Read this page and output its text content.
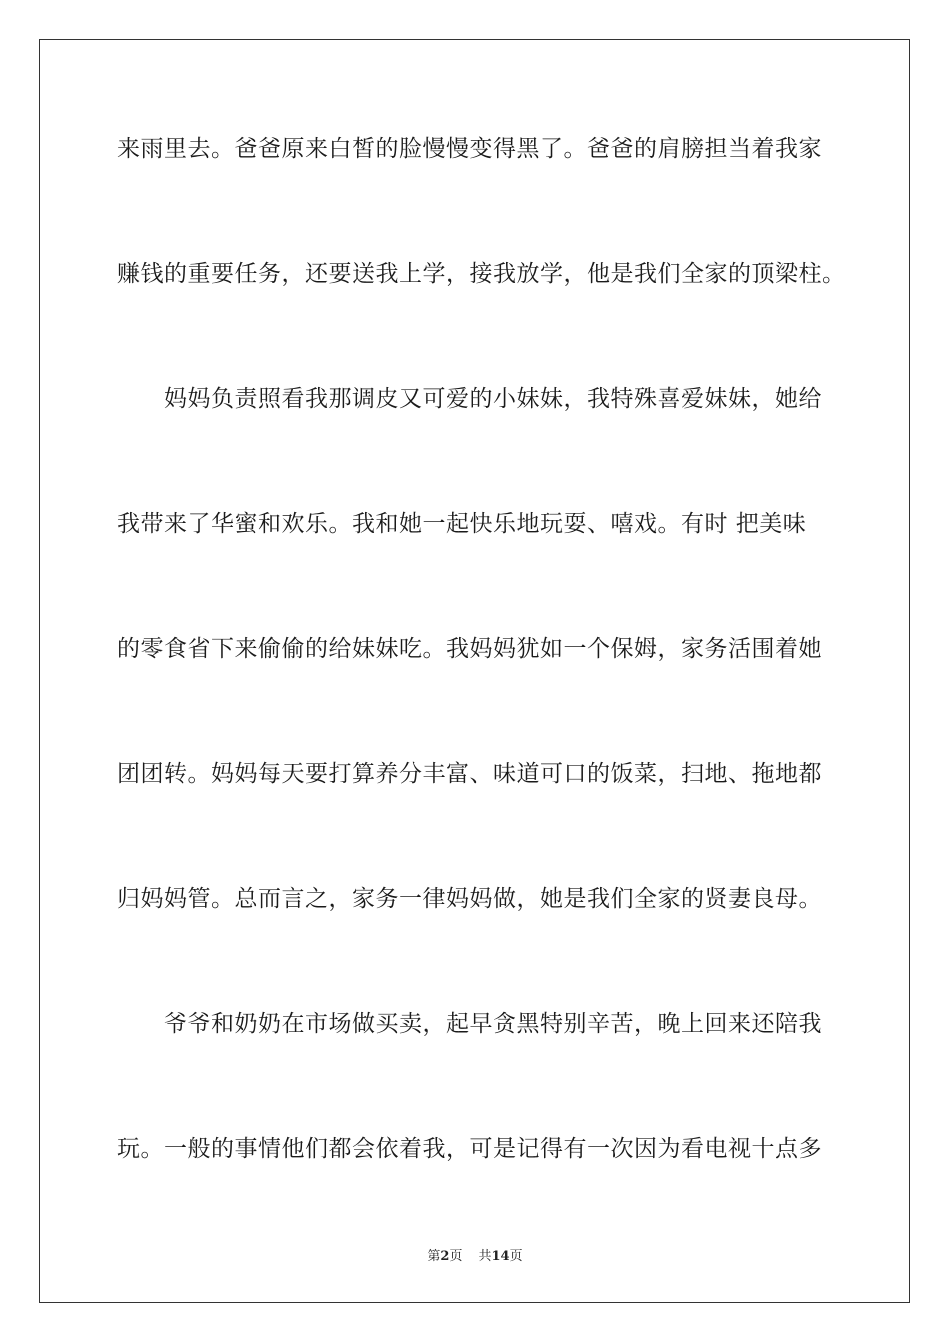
来雨里去。爸爸原来白皙的脸慢慢变得黑了。爸爸的肩膀担当着我家
赚钱的重要任务，还要送我上学，接我放学，他是我们全家的顶梁柱。
　　妈妈负责照看我那调皮又可爱的小妹妹，我特殊喜爱妹妹，她给
我带来了华蜜和欢乐。我和她一起快乐地玩耍、嘻戏。有时 把美味
的零食省下来偷偷的给妹妹吃。我妈妈犹如一个保姆，家务活围着她
团团转。妈妈每天要打算养分丰富、味道可口的饭菜，扫地、拖地都
归妈妈管。总而言之，家务一律妈妈做，她是我们全家的贤妻良母。
　　爷爷和奶奶在市场做买卖，起早贪黑特别辛苦，晚上回来还陪我
玩。一般的事情他们都会依着我，可是记得有一次因为看电视十点多
第2页 共14页
